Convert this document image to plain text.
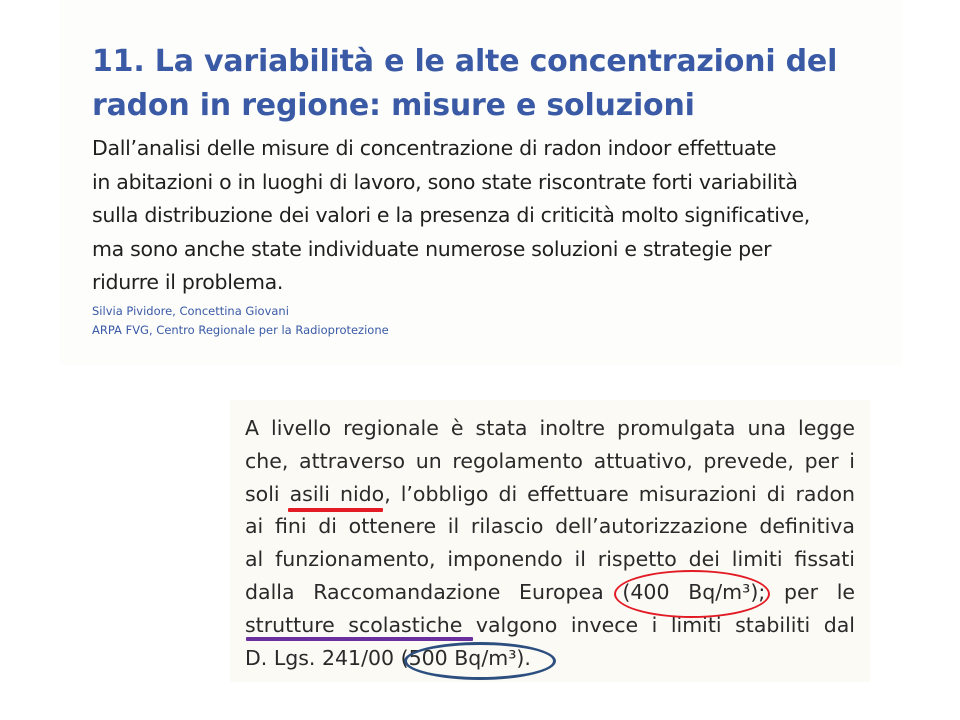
11. La variabilità e le alte concentrazioni del radon in regione: misure e soluzioni

Dall’analisi delle misure di concentrazione di radon indoor effettuate
in abitazioni o in luoghi di lavoro, sono state riscontrate forti variabilità
sulla distribuzione dei valori e la presenza di criticità molto significative,
ma sono anche state individuate numerose soluzioni e strategie per
ridurre il problema.

Silvia Pividore, Concettina Giovani

ARPA FVG, Centro Regionale per la Radioprotezione

A livello regionale è stata inoltre promulgata una legge
che, attraverso un regolamento attuativo, prevede, per i
soli asili nido, l’obbligo di effettuare misurazioni di radon
ai fini di ottenere il rilascio dell’autorizzazione definitiva
al funzionamento, imponendo il rispetto dei limiti fissati
dalla Raccomandazione Europea (400 Bq/m³); per le
strutture scolastiche valgono invece i limiti stabiliti dal
D. Lgs. 241/00 (500 Bq/m³).
